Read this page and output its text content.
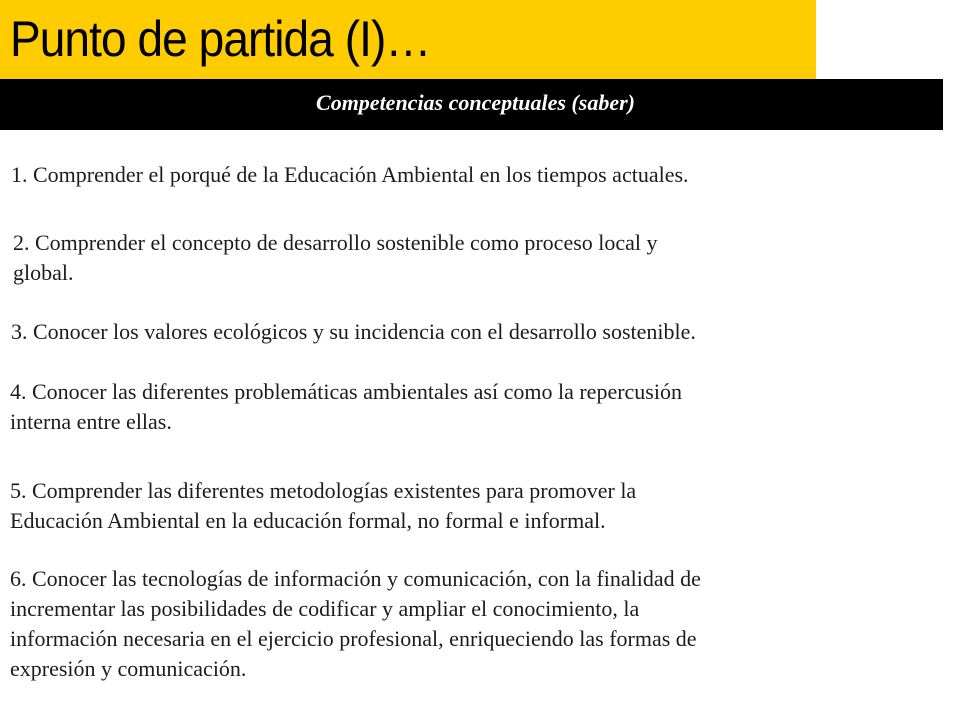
Punto de partida (I)…
Competencias conceptuales (saber)

1. Comprender el porqué de la Educación Ambiental en los tiempos actuales.

2. Comprender el concepto de desarrollo sostenible como proceso local y
global.

3. Conocer los valores ecológicos y su incidencia con el desarrollo sostenible.

4. Conocer las diferentes problemáticas ambientales así como la repercusión
interna entre ellas.

5. Comprender las diferentes metodologías existentes para promover la
Educación Ambiental en la educación formal, no formal e informal.

6. Conocer las tecnologías de información y comunicación, con la finalidad de
incrementar las posibilidades de codificar y ampliar el conocimiento, la
información necesaria en el ejercicio profesional, enriqueciendo las formas de
expresión y comunicación.
